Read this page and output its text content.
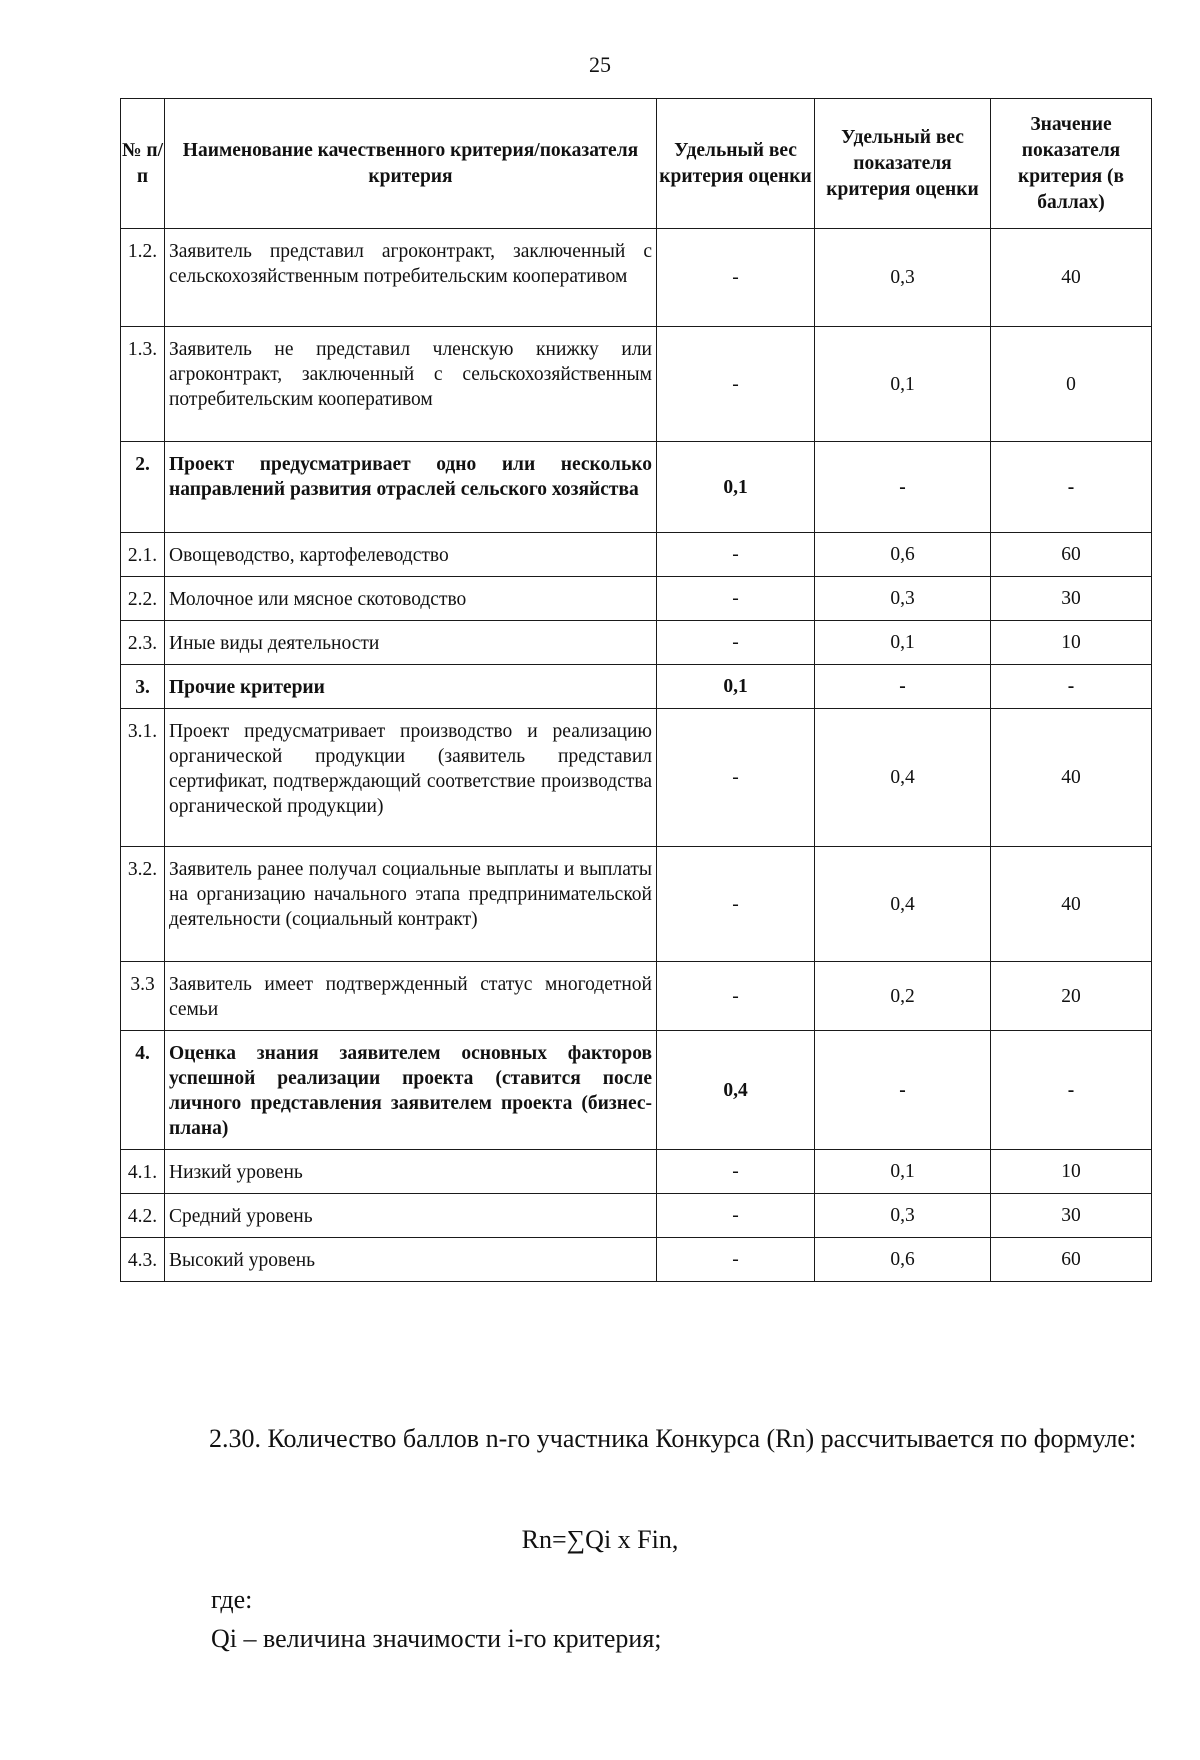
25
№ п/п	Наименование качественного критерия/показателя критерия	Удельный вес критерия оценки	Удельный вес показателя критерия оценки	Значение показателя критерия (в баллах)
1.2.	Заявитель представил агроконтракт, заключенный с сельскохозяйственным потребительским кооперативом	-	0,3	40
1.3.	Заявитель не представил членскую книжку или агроконтракт, заключенный с сельскохозяйственным потребительским кооперативом	-	0,1	0
2.	Проект предусматривает одно или несколько направлений развития отраслей сельского хозяйства	0,1	-	-
2.1.	Овощеводство, картофелеводство	-	0,6	60
2.2.	Молочное или мясное скотоводство	-	0,3	30
2.3.	Иные виды деятельности	-	0,1	10
3.	Прочие критерии	0,1	-	-
3.1.	Проект предусматривает производство и реализацию органической продукции (заявитель представил сертификат, подтверждающий соответствие производства органической продукции)	-	0,4	40
3.2.	Заявитель ранее получал социальные выплаты и выплаты на организацию начального этапа предпринимательской деятельности (социальный контракт)	-	0,4	40
3.3	Заявитель имеет подтвержденный статус многодетной семьи	-	0,2	20
4.	Оценка знания заявителем основных факторов успешной реализации проекта (ставится после личного представления заявителем проекта (бизнес-плана)	0,4	-	-
4.1.	Низкий уровень	-	0,1	10
4.2.	Средний уровень	-	0,3	30
4.3.	Высокий уровень	-	0,6	60
2.30. Количество баллов n-го участника Конкурса (Rn) рассчитывается по формуле:
Rn=∑Qi x Fin,
где:
Qi – величина значимости i-го критерия;
